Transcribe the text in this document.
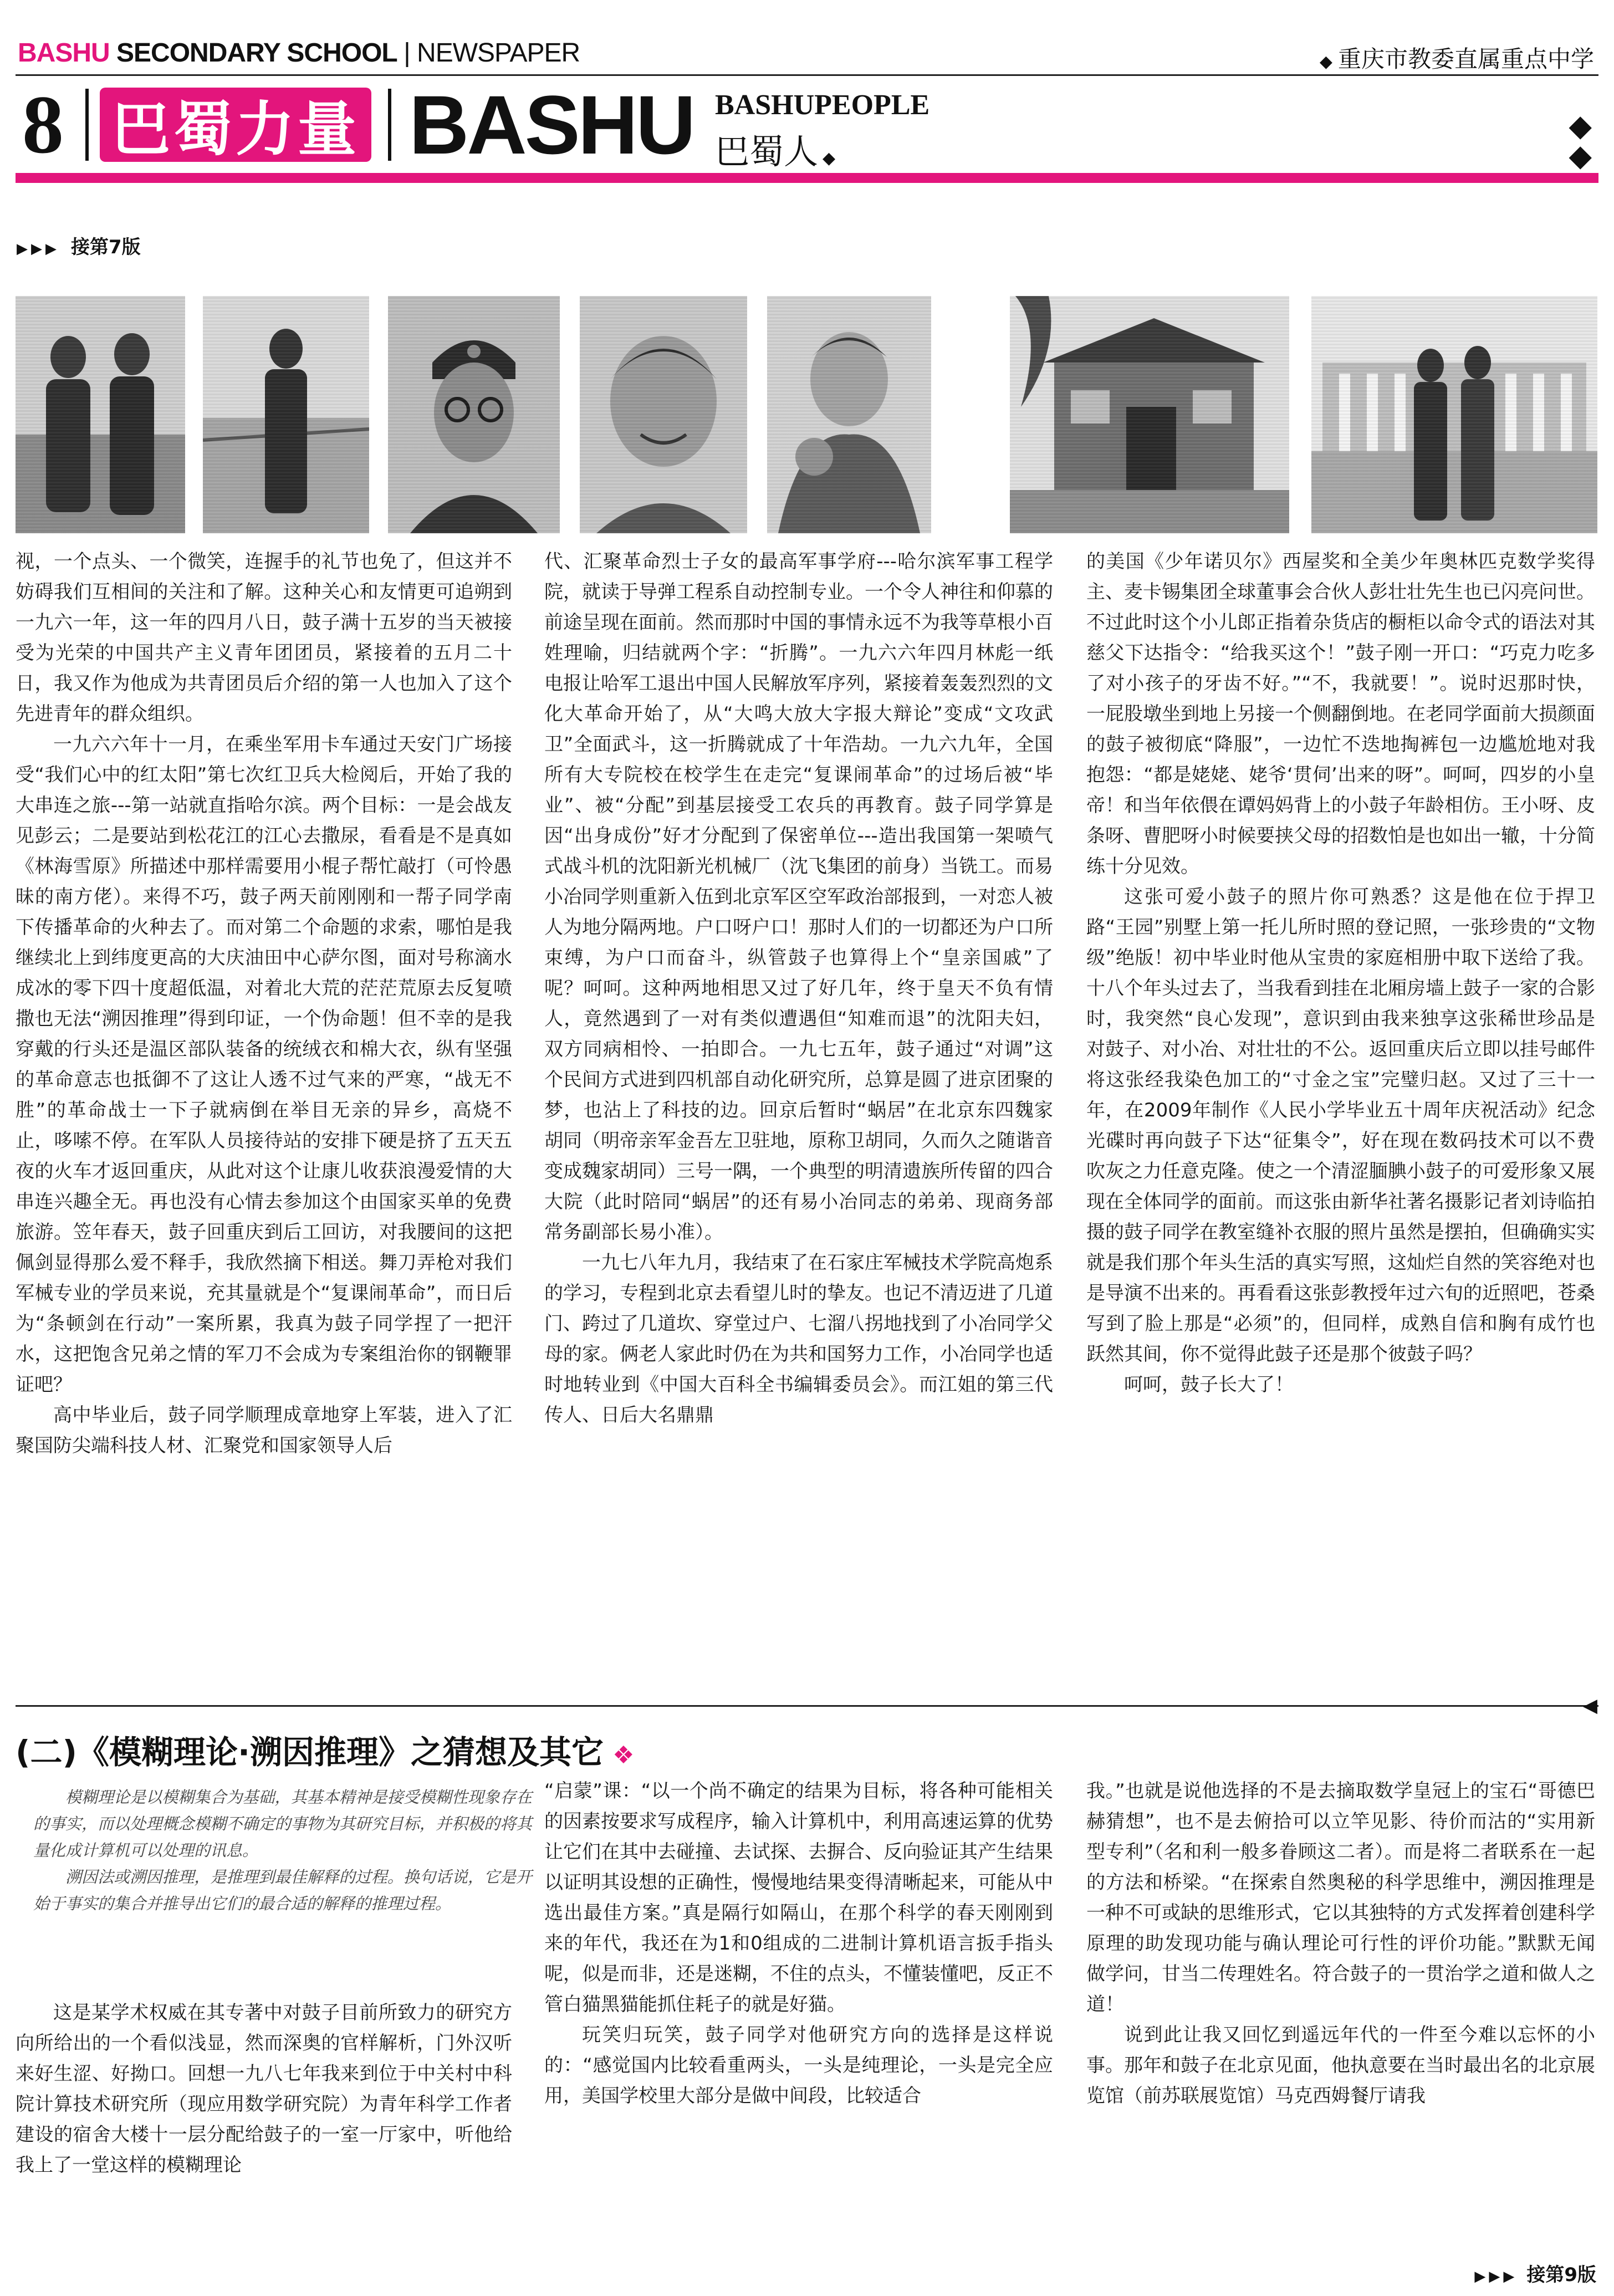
BASHU SECONDARY SCHOOL | NEWSPAPER	◆ 重庆市教委直属重点中学
8 巴蜀力量 BASHU BASHUPEOPLE
巴蜀人 ◆
◆
◆
▶▶▶ 接第7版

视，一个点头、一个微笑，连握手的礼节也免了，但这并不妨碍我们互相间的关注和了解。这种关心和友情更可追朔到一九六一年，这一年的四月八日，鼓子满十五岁的当天被接受为光荣的中国共产主义青年团团员，紧接着的五月二十日，我又作为他成为共青团员后介绍的第一人也加入了这个先进青年的群众组织。

一九六六年十一月，在乘坐军用卡车通过天安门广场接受“我们心中的红太阳”第七次红卫兵大检阅后，开始了我的大串连之旅---第一站就直指哈尔滨。两个目标：一是会战友见彭云；二是要站到松花江的江心去撒尿，看看是不是真如《林海雪原》所描述中那样需要用小棍子帮忙敲打（可怜愚昧的南方佬）。来得不巧，鼓子两天前刚刚和一帮子同学南下传播革命的火种去了。而对第二个命题的求索，哪怕是我继续北上到纬度更高的大庆油田中心萨尔图，面对号称滴水成冰的零下四十度超低温，对着北大荒的茫茫荒原去反复喷撒也无法“溯因推理”得到印证，一个伪命题！但不幸的是我穿戴的行头还是温区部队装备的统绒衣和棉大衣，纵有坚强的革命意志也抵御不了这让人透不过气来的严寒，“战无不胜”的革命战士一下子就病倒在举目无亲的异乡，高烧不止，哆嗦不停。在军队人员接待站的安排下硬是挤了五天五夜的火车才返回重庆，从此对这个让康儿收获浪漫爱情的大串连兴趣全无。再也没有心情去参加这个由国家买单的免费旅游。笠年春天，鼓子回重庆到后工回访，对我腰间的这把佩剑显得那么爱不释手，我欣然摘下相送。舞刀弄枪对我们军械专业的学员来说，充其量就是个“复课闹革命”，而日后为“条顿剑在行动”一案所累，我真为鼓子同学捏了一把汗水，这把饱含兄弟之情的军刀不会成为专案组治你的钢鞭罪证吧？

高中毕业后，鼓子同学顺理成章地穿上军装，进入了汇聚国防尖端科技人材、汇聚党和国家领导人后

代、汇聚革命烈士子女的最高军事学府---哈尔滨军事工程学院，就读于导弹工程系自动控制专业。一个令人神往和仰慕的前途呈现在面前。然而那时中国的事情永远不为我等草根小百姓理喻，归结就两个字：“折腾”。一九六六年四月林彪一纸电报让哈军工退出中国人民解放军序列，紧接着轰轰烈烈的文化大革命开始了，从“大鸣大放大字报大辩论”变成“文攻武卫”全面武斗，这一折腾就成了十年浩劫。一九六九年，全国所有大专院校在校学生在走完“复课闹革命”的过场后被“毕业”、被“分配”到基层接受工农兵的再教育。鼓子同学算是因“出身成份”好才分配到了保密单位---造出我国第一架喷气式战斗机的沈阳新光机械厂（沈飞集团的前身）当铣工。而易小冶同学则重新入伍到北京军区空军政治部报到，一对恋人被人为地分隔两地。户口呀户口！那时人们的一切都还为户口所束缚，为户口而奋斗，纵管鼓子也算得上个“皇亲国戚”了呢？呵呵。这种两地相思又过了好几年，终于皇天不负有情人，竟然遇到了一对有类似遭遇但“知难而退”的沈阳夫妇，双方同病相怜、一拍即合。一九七五年，鼓子通过“对调”这个民间方式进到四机部自动化研究所，总算是圆了进京团聚的梦，也沾上了科技的边。回京后暂时“蜗居”在北京东四魏家胡同（明帝亲军金吾左卫驻地，原称卫胡同，久而久之随谐音变成魏家胡同）三号一隅，一个典型的明清遗族所传留的四合大院（此时陪同“蜗居”的还有易小冶同志的弟弟、现商务部常务副部长易小准）。

一九七八年九月，我结束了在石家庄军械技术学院高炮系的学习，专程到北京去看望儿时的挚友。也记不清迈进了几道门、跨过了几道坎、穿堂过户、七溜八拐地找到了小冶同学父母的家。俩老人家此时仍在为共和国努力工作，小冶同学也适时地转业到《中国大百科全书编辑委员会》。而江姐的第三代传人、日后大名鼎鼎

的美国《少年诺贝尔》西屋奖和全美少年奥林匹克数学奖得主、麦卡锡集团全球董事会合伙人彭壮壮先生也已闪亮问世。不过此时这个小儿郎正指着杂货店的橱柜以命令式的语法对其慈父下达指令：“给我买这个！”鼓子刚一开口：“巧克力吃多了对小孩子的牙齿不好。”“不，我就要！”。说时迟那时快，一屁股墩坐到地上另接一个侧翻倒地。在老同学面前大损颜面的鼓子被彻底“降服”，一边忙不迭地掏裤包一边尴尬地对我抱怨：“都是姥姥、姥爷‘贯伺’出来的呀”。呵呵，四岁的小皇帝！和当年依偎在谭妈妈背上的小鼓子年龄相仿。王小呀、皮条呀、曹肥呀小时候要挟父母的招数怕是也如出一辙，十分简练十分见效。

这张可爱小鼓子的照片你可熟悉？这是他在位于捍卫路“王园”别墅上第一托儿所时照的登记照，一张珍贵的“文物级”绝版！初中毕业时他从宝贵的家庭相册中取下送给了我。十八个年头过去了，当我看到挂在北厢房墙上鼓子一家的合影时，我突然“良心发现”，意识到由我来独享这张稀世珍品是对鼓子、对小冶、对壮壮的不公。返回重庆后立即以挂号邮件将这张经我染色加工的“寸金之宝”完璧归赵。又过了三十一年，在2009年制作《人民小学毕业五十周年庆祝活动》纪念光碟时再向鼓子下达“征集令”，好在现在数码技术可以不费吹灰之力任意克隆。使之一个清涩腼腆小鼓子的可爱形象又展现在全体同学的面前。而这张由新华社著名摄影记者刘诗临拍摄的鼓子同学在教室缝补衣服的照片虽然是摆拍，但确确实实就是我们那个年头生活的真实写照，这灿烂自然的笑容绝对也是导演不出来的。再看看这张彭教授年过六旬的近照吧，苍桑写到了脸上那是“必须”的，但同样，成熟自信和胸有成竹也跃然其间，你不觉得此鼓子还是那个彼鼓子吗？

呵呵，鼓子长大了！

◀
(二)《模糊理论·溯因推理》之猜想及其它 ❖

模糊理论是以模糊集合为基础，其基本精神是接受模糊性现象存在的事实，而以处理概念模糊不确定的事物为其研究目标，并积极的将其量化成计算机可以处理的讯息。

溯因法或溯因推理，是推理到最佳解释的过程。换句话说，它是开始于事实的集合并推导出它们的最合适的解释的推理过程。

这是某学术权威在其专著中对鼓子目前所致力的研究方向所给出的一个看似浅显，然而深奥的官样解析，门外汉听来好生涩、好拗口。回想一九八七年我来到位于中关村中科院计算技术研究所（现应用数学研究院）为青年科学工作者建设的宿舍大楼十一层分配给鼓子的一室一厅家中，听他给我上了一堂这样的模糊理论

“启蒙”课：“以一个尚不确定的结果为目标，将各种可能相关的因素按要求写成程序，输入计算机中，利用高速运算的优势让它们在其中去碰撞、去试探、去摒合、反向验证其产生结果以证明其设想的正确性，慢慢地结果变得清晰起来，可能从中选出最佳方案。”真是隔行如隔山，在那个科学的春天刚刚到来的年代，我还在为1和0组成的二进制计算机语言扳手指头呢，似是而非，还是迷糊，不住的点头，不懂装懂吧，反正不管白猫黑猫能抓住耗子的就是好猫。

玩笑归玩笑，鼓子同学对他研究方向的选择是这样说的：“感觉国内比较看重两头，一头是纯理论，一头是完全应用，美国学校里大部分是做中间段，比较适合

我。”也就是说他选择的不是去摘取数学皇冠上的宝石“哥德巴赫猜想”，也不是去俯拾可以立竿见影、待价而沽的“实用新型专利”（名和利一般多眷顾这二者）。而是将二者联系在一起的方法和桥梁。“在探索自然奥秘的科学思维中，溯因推理是一种不可或缺的思维形式，它以其独特的方式发挥着创建科学原理的助发现功能与确认理论可行性的评价功能。”默默无闻做学问，甘当二传理姓名。符合鼓子的一贯治学之道和做人之道！

说到此让我又回忆到遥远年代的一件至今难以忘怀的小事。那年和鼓子在北京见面，他执意要在当时最出名的北京展览馆（前苏联展览馆）马克西姆餐厅请我

▶▶▶ 接第9版
